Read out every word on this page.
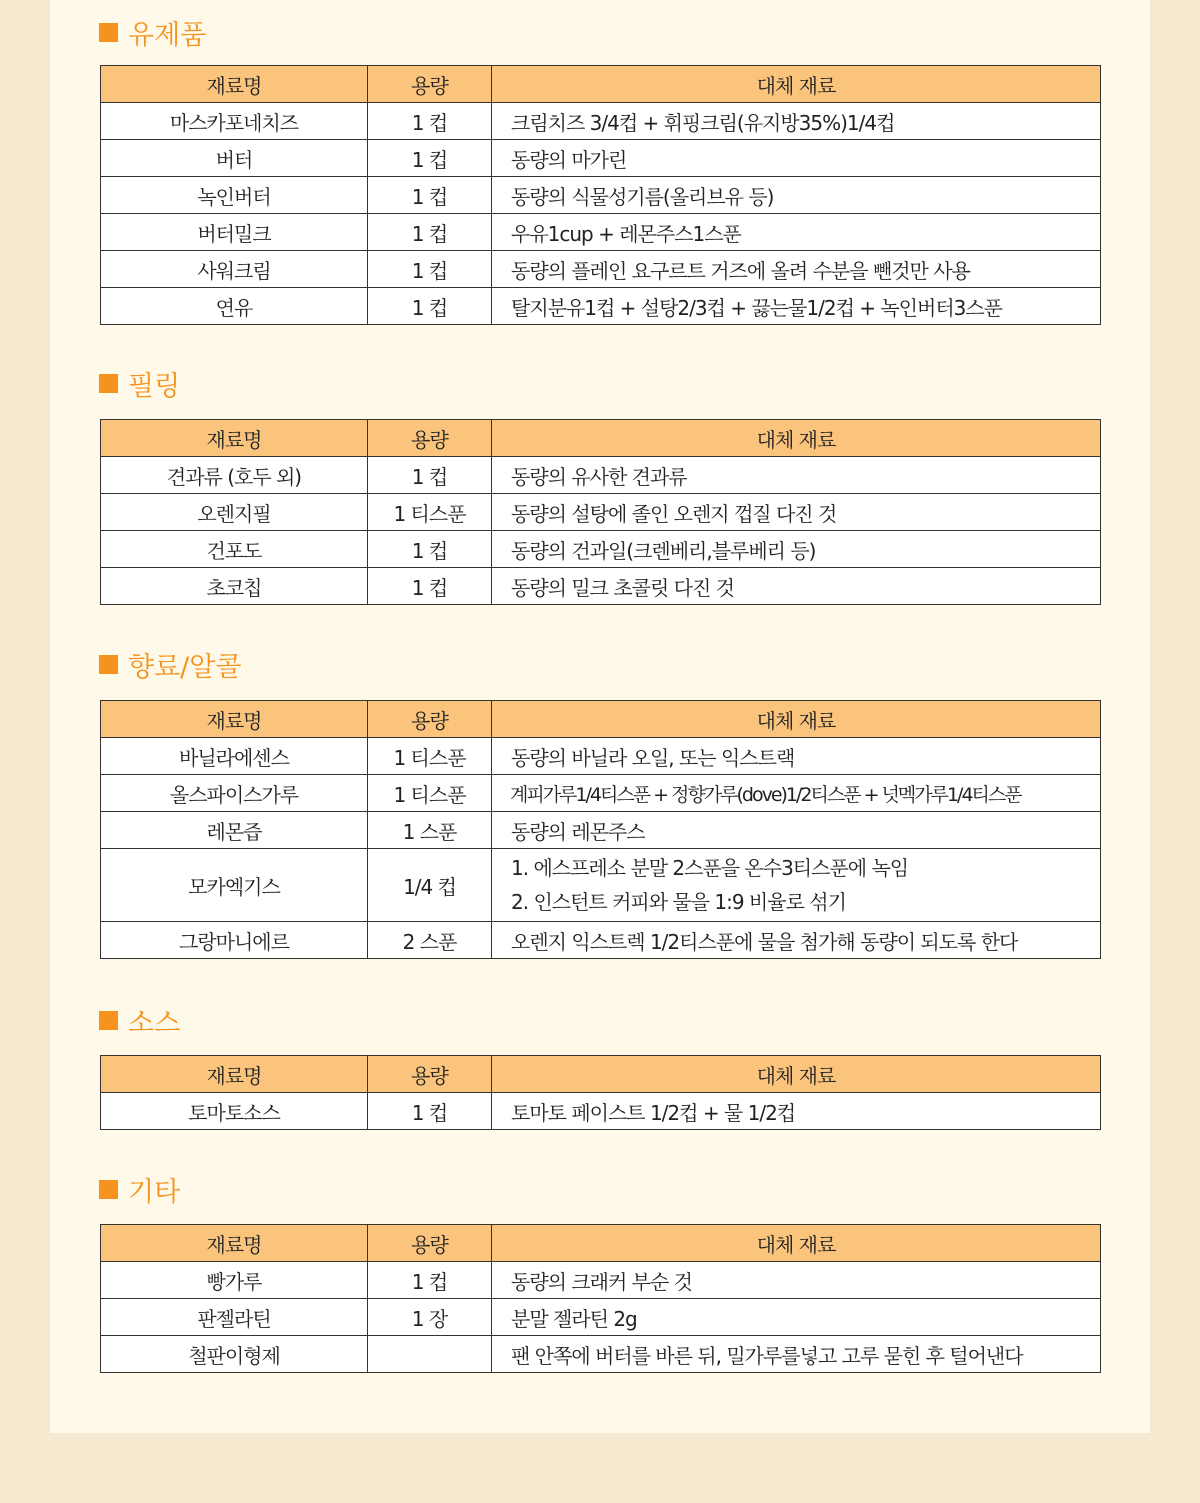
유제품
재료명	용량	대체 재료
마스카포네치즈	1 컵	크림치즈 3/4컵 + 휘핑크림(유지방35%)1/4컵
버터	1 컵	동량의 마가린
녹인버터	1 컵	동량의 식물성기름(올리브유 등)
버터밀크	1 컵	우유1cup + 레몬주스1스푼
사워크림	1 컵	동량의 플레인 요구르트 거즈에 올려 수분을 뺀것만 사용
연유	1 컵	탈지분유1컵 + 설탕2/3컵 + 끓는물1/2컵 + 녹인버터3스푼
필링
재료명	용량	대체 재료
견과류 (호두 외)	1 컵	동량의 유사한 견과류
오렌지필	1 티스푼	동량의 설탕에 졸인 오렌지 껍질 다진 것
건포도	1 컵	동량의 건과일(크렌베리,블루베리 등)
초코칩	1 컵	동량의 밀크 초콜릿 다진 것
향료/알콜
재료명	용량	대체 재료
바닐라에센스	1 티스푼	동량의 바닐라 오일, 또는 익스트랙
올스파이스가루	1 티스푼	계피가루1/4티스푼 + 정향가루(dove)1/2티스푼 + 넛멕가루1/4티스푼
레몬즙	1 스푼	동량의 레몬주스
모카엑기스	1/4 컵	1. 에스프레소 분말 2스푼을 온수3티스푼에 녹임
2. 인스턴트 커피와 물을 1:9 비율로 섞기

그랑마니에르	2 스푼	오렌지 익스트렉 1/2티스푼에 물을 첨가해 동량이 되도록 한다
소스
재료명	용량	대체 재료
토마토소스	1 컵	토마토 페이스트 1/2컵 + 물 1/2컵
기타
재료명	용량	대체 재료
빵가루	1 컵	동량의 크래커 부순 것
판젤라틴	1 장	분말 젤라틴 2g
철판이형제		팬 안쪽에 버터를 바른 뒤, 밀가루를넣고 고루 묻힌 후 털어낸다
